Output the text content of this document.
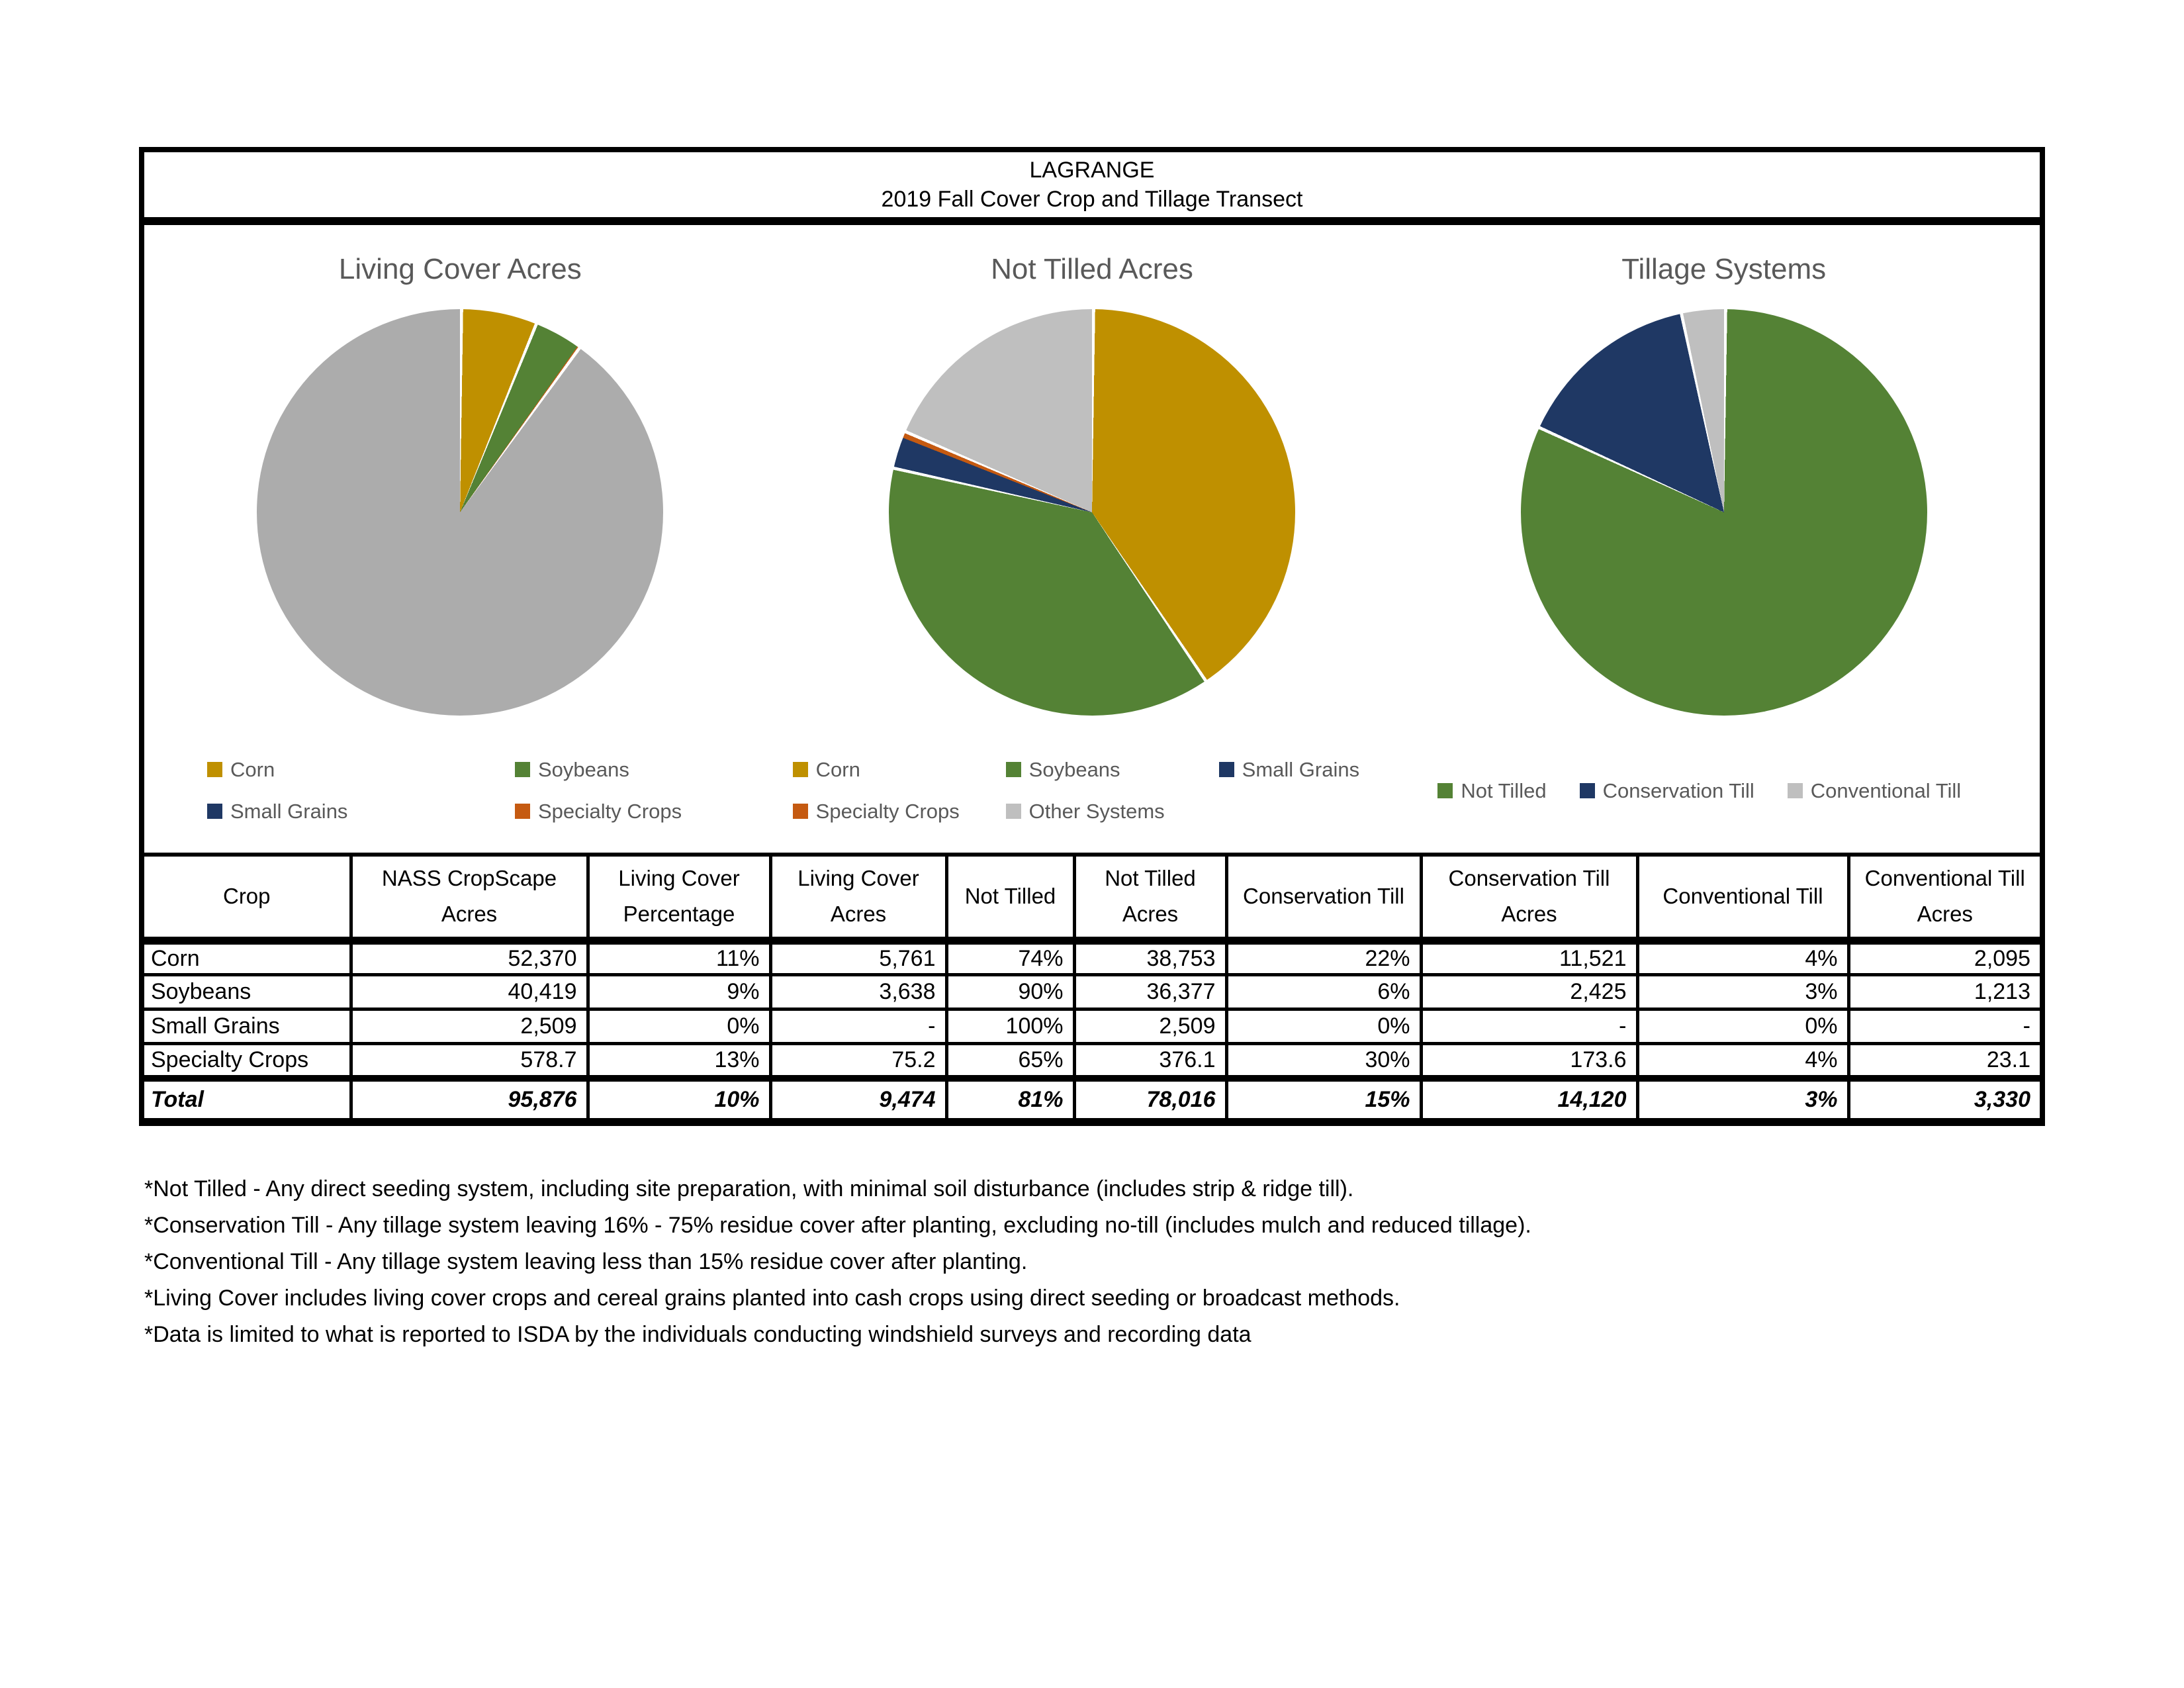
LAGRANGE
2019 Fall Cover Crop and Tillage Transect
Living Cover Acres
Corn	Soybeans
Small Grains	Specialty Crops
Not Tilled Acres
Corn	Soybeans	Small Grains
Specialty Crops	Other Systems
Tillage Systems
Not Tilled	Conservation Till	Conventional Till
Crop	NASS CropScape Acres	Living Cover Percentage	Living Cover Acres	Not Tilled	Not Tilled Acres	Conservation Till	Conservation Till Acres	Conventional Till	Conventional Till Acres
Corn	52,370	11%	5,761	74%	38,753	22%	11,521	4%	2,095
Soybeans	40,419	9%	3,638	90%	36,377	6%	2,425	3%	1,213
Small Grains	2,509	0%	-	100%	2,509	0%	-	0%	-
Specialty Crops	578.7	13%	75.2	65%	376.1	30%	173.6	4%	23.1
Total	95,876	10%	9,474	81%	78,016	15%	14,120	3%	3,330
*Not Tilled - Any direct seeding system, including site preparation, with minimal soil disturbance (includes strip & ridge till).
*Conservation Till - Any tillage system leaving 16% - 75% residue cover after planting, excluding no-till (includes mulch and reduced tillage).
*Conventional Till - Any tillage system leaving less than 15% residue cover after planting.
*Living Cover includes living cover crops and cereal grains planted into cash crops using direct seeding or broadcast methods.
*Data is limited to what is reported to ISDA by the individuals conducting windshield surveys and recording data
